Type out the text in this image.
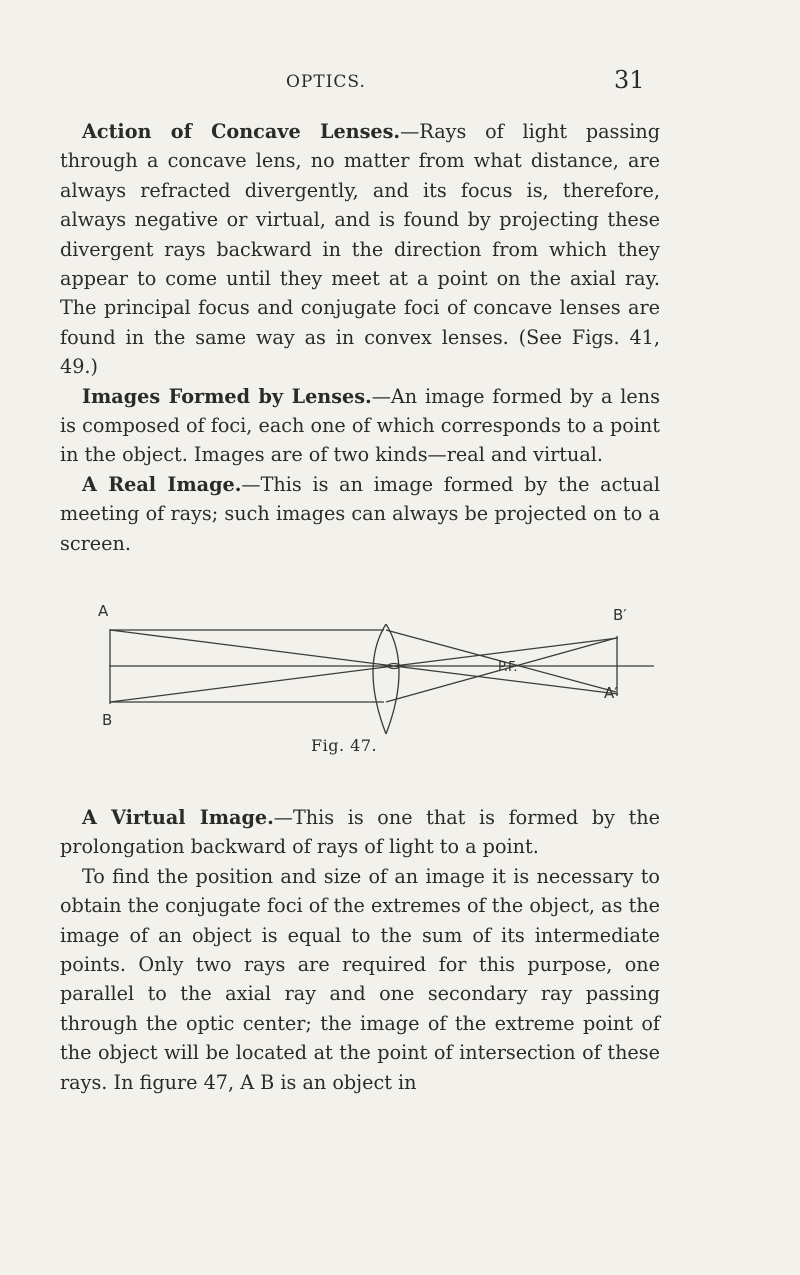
OPTICS.	31

Action of Concave Lenses.—Rays of light passing through a concave lens, no matter from what distance, are always refracted divergently, and its focus is, therefore, always negative or virtual, and is found by projecting these divergent rays backward in the direction from which they appear to come until they meet at a point on the axial ray. The principal focus and conjugate foci of concave lenses are found in the same way as in convex lenses. (See Figs. 41, 49.)

Images Formed by Lenses.—An image formed by a lens is composed of foci, each one of which corresponds to a point in the object. Images are of two kinds—real and virtual.

A Real Image.—This is an image formed by the actual meeting of rays; such images can always be projected on to a screen.

A
B
B′
A′
P.F.
Fig. 47.

A Virtual Image.—This is one that is formed by the prolongation backward of rays of light to a point.

To find the position and size of an image it is necessary to obtain the conjugate foci of the extremes of the object, as the image of an object is equal to the sum of its intermediate points. Only two rays are required for this purpose, one parallel to the axial ray and one secondary ray passing through the optic center; the image of the extreme point of the object will be located at the point of intersection of these rays. In figure 47, A B is an object in
